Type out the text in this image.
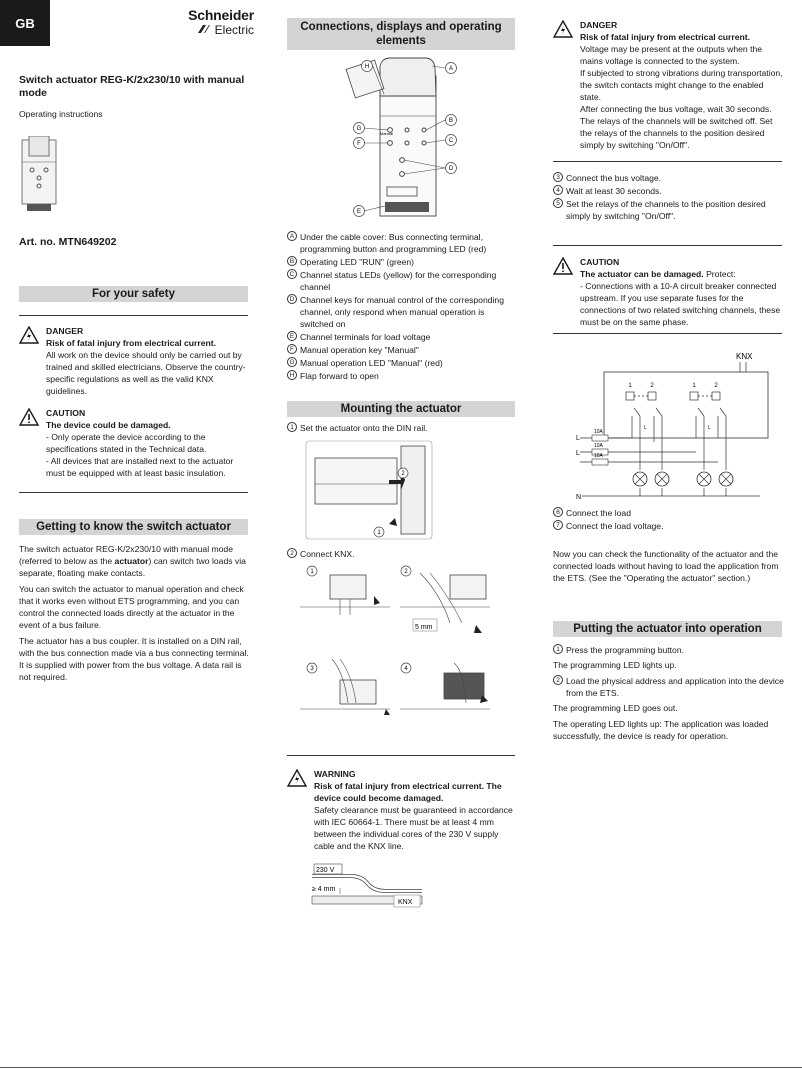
GB	Schneider
Electric
Switch actuator REG-K/2x230/10 with manual mode
Operating instructions
Art. no. MTN649202
For your safety
DANGER
Risk of fatal injury from electrical current.
All work on the device should only be carried out by trained and skilled electricians. Observe the country-specific regulations as well as the valid KNX guidelines.
CAUTION
The device could be damaged.
- Only operate the device according to the specifications stated in the Technical data.
- All devices that are installed next to the actuator must be equipped with at least basic insulation.
Getting to know the switch actuator

The switch actuator REG-K/2x230/10 with manual mode (referred to below as the actuator) can switch two loads via separate, floating make contacts.

You can switch the actuator to manual operation and check that it works even without ETS programming, and you can control the connected loads directly at the actuator in the event of a bus failure.

The actuator has a bus coupler. It is installed on a DIN rail, with the bus connection made via a bus connecting terminal. It is supplied with power from the bus voltage. A data rail is not required.

Connections, displays and operating elements
Manual
A
B
C
D
E
F
G
H
A Under the cable cover: Bus connecting terminal, programming button and programming LED (red)
B Operating LED "RUN" (green)
C Channel status LEDs (yellow) for the corresponding channel
D Channel keys for manual control of the corresponding channel, only respond when manual operation is switched on
E Channel terminals for load voltage
F Manual operation key "Manual"
G Manual operation LED "Manual" (red)
H Flap forward to open
Mounting the actuator
1 Set the actuator onto the DIN rail.
2
1
2 Connect KNX.
5 mm
1	2
3	4
WARNING
Risk of fatal injury from electrical current. The device could become damaged.
Safety clearance must be guaranteed in accordance with IEC 60664-1. There must be at least 4 mm between the individual cores of the 230 V supply cable and the KNX line.
230 V
≥ 4 mm
KNX
DANGER
Risk of fatal injury from electrical current.
Voltage may be present at the outputs when the mains voltage is connected to the system.
If subjected to strong vibrations during transportation, the switch contacts might change to the enabled state.
After connecting the bus voltage, wait 30 seconds. The relays of the channels will be switched off. Set the relays of the channels to the position desired simply by switching "On/Off".
3 Connect the bus voltage.
4 Wait at least 30 seconds.
5 Set the relays of the channels to the position desired simply by switching "On/Off".
CAUTION
The actuator can be damaged. Protect:
- Connections with a 10-A circuit breaker connected upstream. If you use separate fuses for the connections of two related switching channels, these must be on the same phase.
KNX
1	2	1	2
10A
10A
10A
L	L
L
L
N
6 Connect the load
7 Connect the load voltage.

Now you can check the functionality of the actuator and the connected loads without having to load the application from the ETS. (See the "Operating the actuator" section.)

Putting the actuator into operation
1 Press the programming button.

The programming LED lights up.

2 Load the physical address and application into the device from the ETS.

The programming LED goes out.

The operating LED lights up: The application was loaded successfully, the device is ready for operation.
